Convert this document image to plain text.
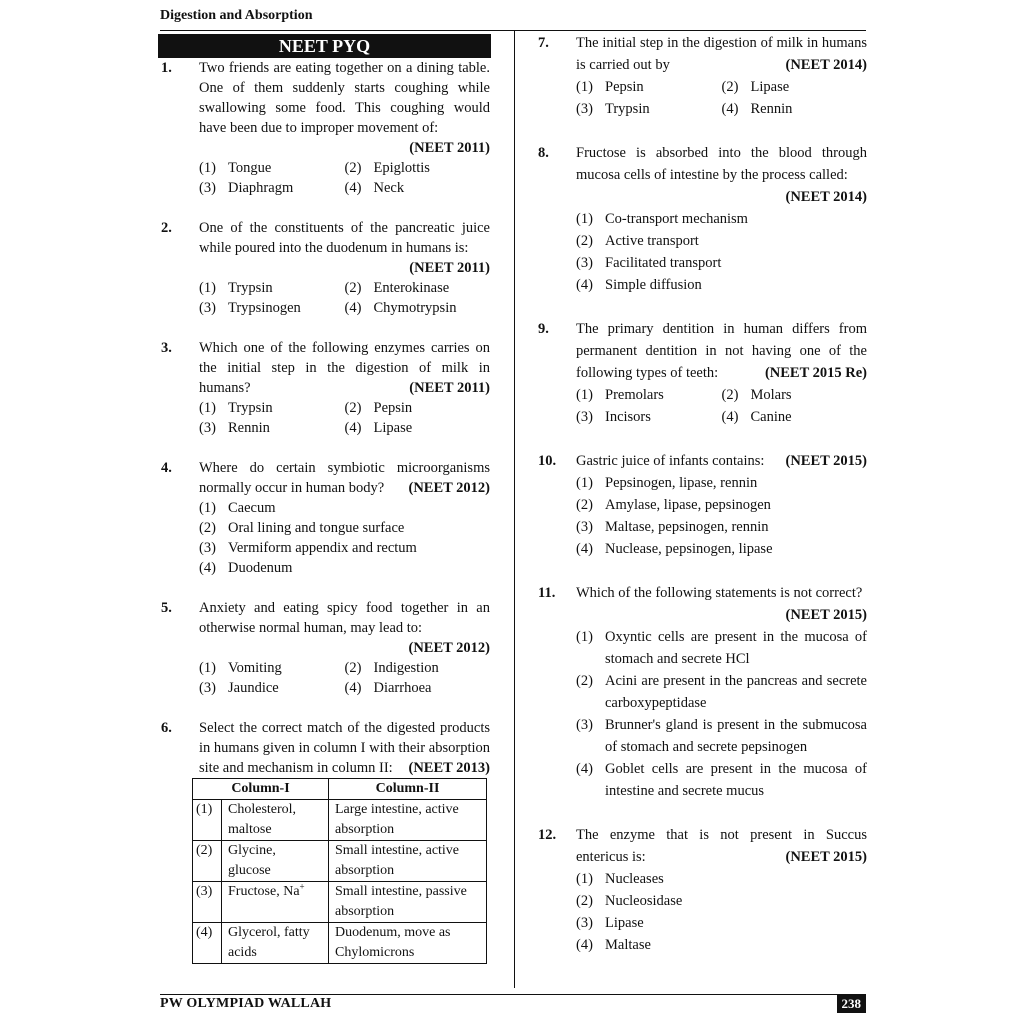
Digestion and Absorption
NEET PYQ
1. Two friends are eating together on a dining table. One of them suddenly starts coughing while swallowing some food. This coughing would have been due to improper movement of:
(NEET 2011)
(1) Tongue	(2) Epiglottis
(3) Diaphragm	(4) Neck
2. One of the constituents of the pancreatic juice while poured into the duodenum in humans is:
(NEET 2011)
(1) Trypsin	(2) Enterokinase
(3) Trypsinogen	(4) Chymotrypsin
3. Which one of the following enzymes carries on the initial step in the digestion of milk in humans?	(NEET 2011)
(1) Trypsin	(2) Pepsin
(3) Rennin	(4) Lipase
4. Where do certain symbiotic microorganisms normally occur in human body? (NEET 2012)
(1) Caecum
(2) Oral lining and tongue surface
(3) Vermiform appendix and rectum
(4) Duodenum
5. Anxiety and eating spicy food together in an otherwise normal human, may lead to:
(NEET 2012)
(1) Vomiting	(2) Indigestion
(3) Jaundice	(4) Diarrhoea
6. Select the correct match of the digested products in humans given in column I with their absorption site and mechanism in column II: (NEET 2013)
Column-I		Column-II
(1)	Cholesterol, maltose	Large intestine, active absorption
(2)	Glycine, glucose	Small intestine, active absorption
(3)	Fructose, Na+	Small intestine, passive absorption
(4)	Glycerol, fatty acids	Duodenum, move as Chylomicrons
7. The initial step in the digestion of milk in humans is carried out by	(NEET 2014)
(1) Pepsin	(2) Lipase
(3) Trypsin	(4) Rennin
8. Fructose is absorbed into the blood through mucosa cells of intestine by the process called:
(NEET 2014)
(1) Co-transport mechanism
(2) Active transport
(3) Facilitated transport
(4) Simple diffusion
9. The primary dentition in human differs from permanent dentition in not having one of the following types of teeth:	(NEET 2015 Re)
(1) Premolars	(2) Molars
(3) Incisors	(4) Canine
10. Gastric juice of infants contains: (NEET 2015)
(1) Pepsinogen, lipase, rennin
(2) Amylase, lipase, pepsinogen
(3) Maltase, pepsinogen, rennin
(4) Nuclease, pepsinogen, lipase
11. Which of the following statements is not correct?
(NEET 2015)
(1) Oxyntic cells are present in the mucosa of stomach and secrete HCl
(2) Acini are present in the pancreas and secrete carboxypeptidase
(3) Brunner's gland is present in the submucosa of stomach and secrete pepsinogen
(4) Goblet cells are present in the mucosa of intestine and secrete mucus
12. The enzyme that is not present in Succus entericus is:	(NEET 2015)
(1) Nucleases
(2) Nucleosidase
(3) Lipase
(4) Maltase
PW OLYMPIAD WALLAH	238
